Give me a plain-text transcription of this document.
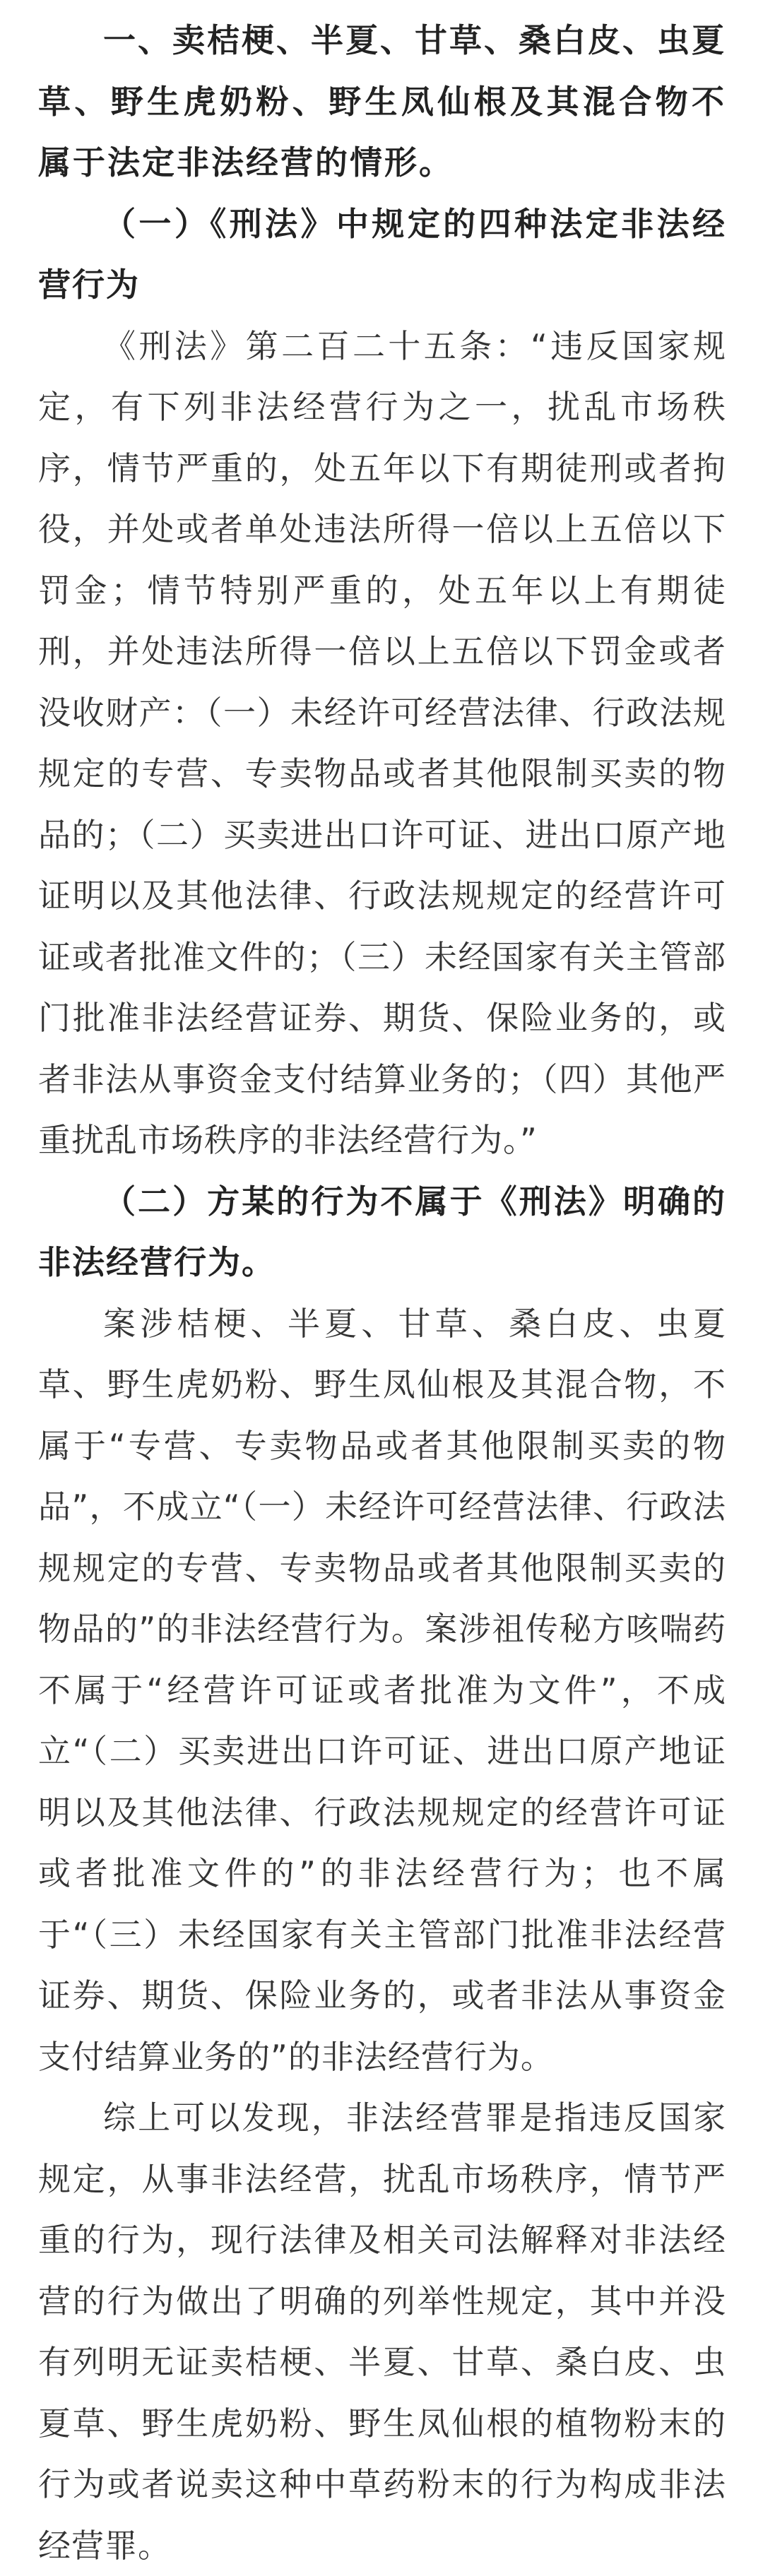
一、卖桔梗、半夏、甘草、桑白皮、虫夏草、野生虎奶粉、野生凤仙根及其混合物不属于法定非法经营的情形。

（一）《刑法》中规定的四种法定非法经营行为

《刑法》第二百二十五条：“违反国家规定，有下列非法经营行为之一，扰乱市场秩序，情节严重的，处五年以下有期徒刑或者拘役，并处或者单处违法所得一倍以上五倍以下罚金；情节特别严重的，处五年以上有期徒刑，并处违法所得一倍以上五倍以下罚金或者没收财产：（一）未经许可经营法律、行政法规规定的专营、专卖物品或者其他限制买卖的物品的；（二）买卖进出口许可证、进出口原产地证明以及其他法律、行政法规规定的经营许可证或者批准文件的；（三）未经国家有关主管部门批准非法经营证券、期货、保险业务的，或者非法从事资金支付结算业务的；（四）其他严重扰乱市场秩序的非法经营行为。”

（二）方某的行为不属于《刑法》明确的非法经营行为。

案涉桔梗、半夏、甘草、桑白皮、虫夏草、野生虎奶粉、野生凤仙根及其混合物，不属于“专营、专卖物品或者其他限制买卖的物品”，不成立“（一）未经许可经营法律、行政法规规定的专营、专卖物品或者其他限制买卖的物品的”的非法经营行为。案涉祖传秘方咳喘药不属于“经营许可证或者批准为文件”，不成立“（二）买卖进出口许可证、进出口原产地证明以及其他法律、行政法规规定的经营许可证或者批准文件的”的非法经营行为；也不属于“（三）未经国家有关主管部门批准非法经营证券、期货、保险业务的，或者非法从事资金支付结算业务的”的非法经营行为。

综上可以发现，非法经营罪是指违反国家规定，从事非法经营，扰乱市场秩序，情节严重的行为，现行法律及相关司法解释对非法经营的行为做出了明确的列举性规定，其中并没有列明无证卖桔梗、半夏、甘草、桑白皮、虫夏草、野生虎奶粉、野生凤仙根的植物粉末的行为或者说卖这种中草药粉末的行为构成非法经营罪。
